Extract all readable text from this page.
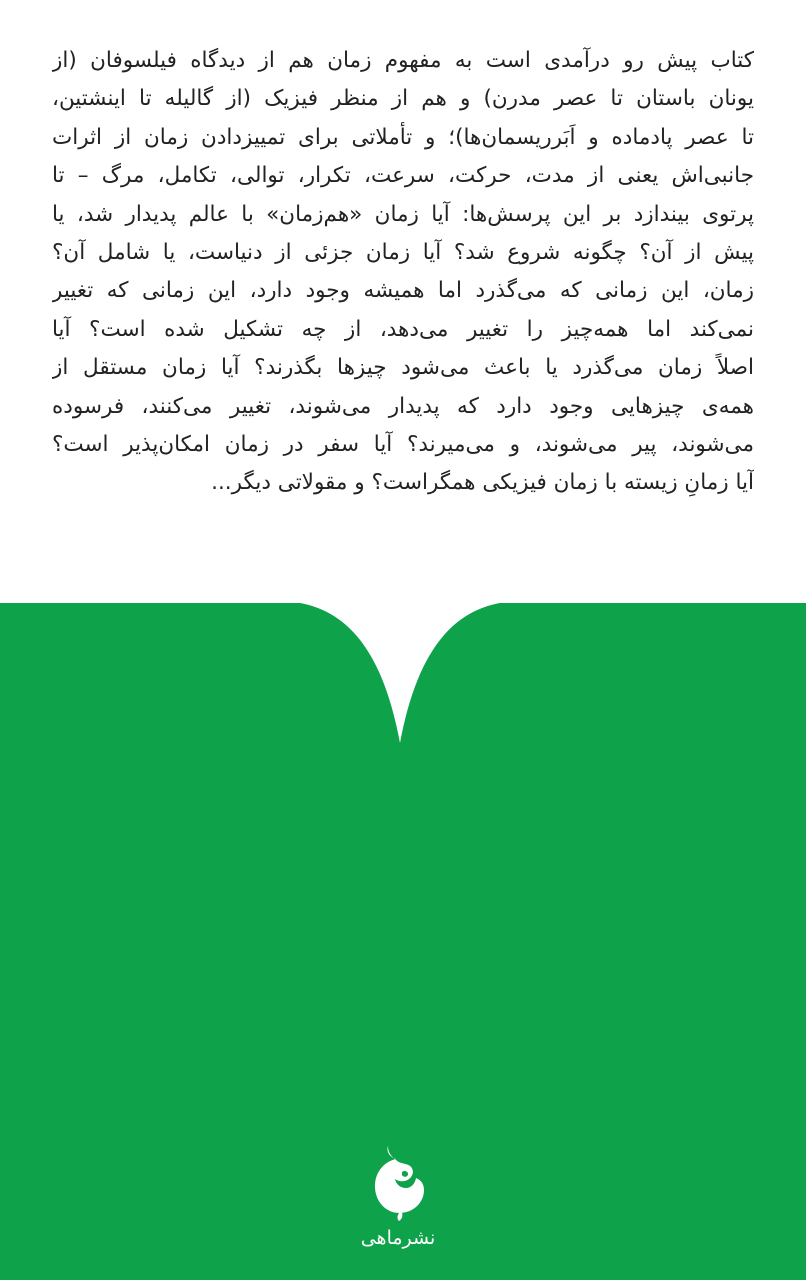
کتاب پیش رو درآمدی است به مفهوم زمان هم از دیدگاه فیلسوفان (از
یونان باستان تا عصر مدرن) و هم از منظر فیزیک (از گالیله تا اینشتین،
تا عصر پادماده و اَبَرریسمان‌ها)؛ و تأملاتی برای تمییزدادن زمان از اثرات
جانبی‌اش یعنی از مدت، حرکت، سرعت، تکرار، توالی، تکامل، مرگ – تا
پرتوی بیندازد بر این پرسش‌ها: آیا زمان «هم‌زمان» با عالم پدیدار شد، یا
پیش از آن؟ چگونه شروع شد؟ آیا زمان جزئی از دنیاست، یا شامل آن؟
زمان، این زمانی که می‌گذرد اما همیشه وجود دارد، این زمانی که تغییر
نمی‌کند اما همه‌چیز را تغییر می‌دهد، از چه تشکیل شده است؟ آیا
اصلاً زمان می‌گذرد یا باعث می‌شود چیزها بگذرند؟ آیا زمان مستقل از
همه‌ی چیزهایی وجود دارد که پدیدار می‌شوند، تغییر می‌کنند، فرسوده
می‌شوند، پیر می‌شوند، و می‌میرند؟ آیا سفر در زمان امکان‌پذیر است؟
آیا زمانِ زیسته با زمان فیزیکی همگراست؟ و مقولاتی دیگر...
نشرماهی
